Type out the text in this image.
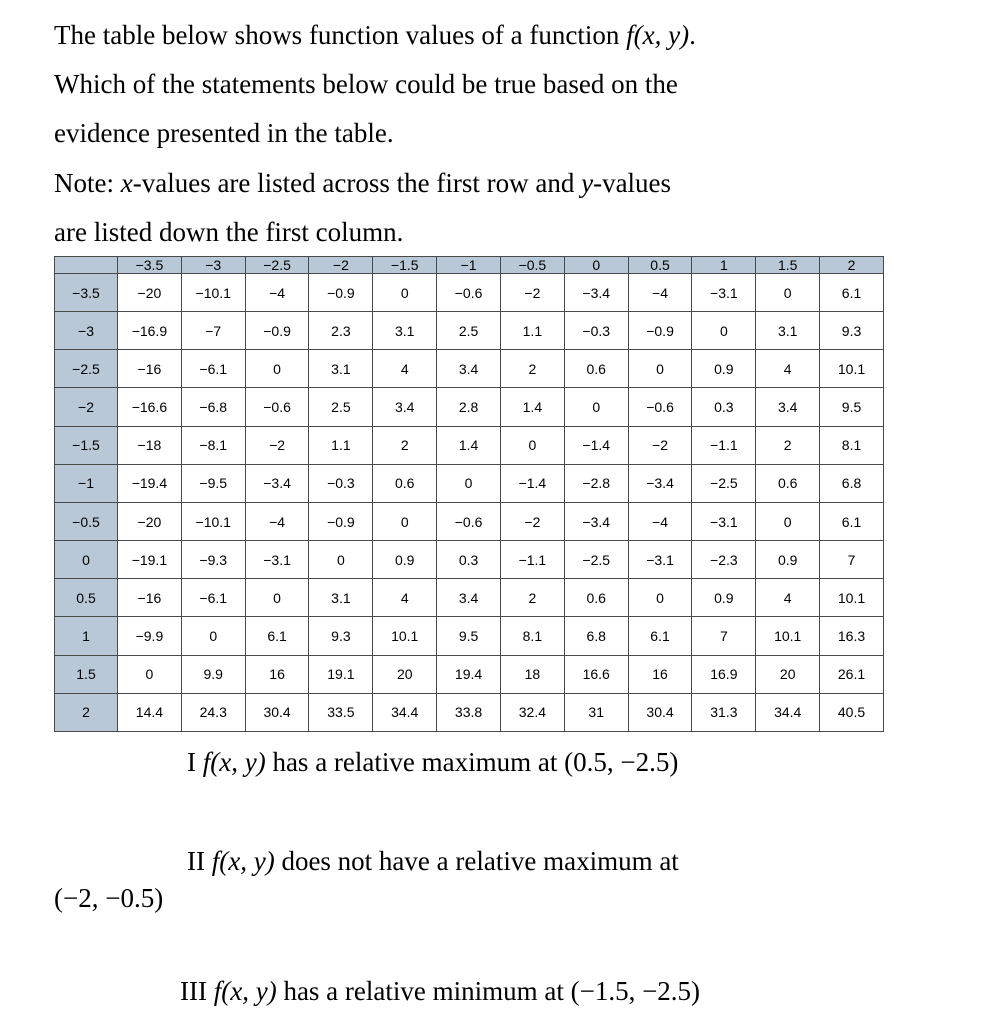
The table below shows function values of a function f(x, y).

Which of the statements below could be true based on the

evidence presented in the table.

Note: x-values are listed across the first row and y-values

are listed down the first column.

	−3.5	−3	−2.5	−2	−1.5	−1	−0.5	0	0.5	1	1.5	2
−3.5	−20	−10.1	−4	−0.9	0	−0.6	−2	−3.4	−4	−3.1	0	6.1
−3	−16.9	−7	−0.9	2.3	3.1	2.5	1.1	−0.3	−0.9	0	3.1	9.3
−2.5	−16	−6.1	0	3.1	4	3.4	2	0.6	0	0.9	4	10.1
−2	−16.6	−6.8	−0.6	2.5	3.4	2.8	1.4	0	−0.6	0.3	3.4	9.5
−1.5	−18	−8.1	−2	1.1	2	1.4	0	−1.4	−2	−1.1	2	8.1
−1	−19.4	−9.5	−3.4	−0.3	0.6	0	−1.4	−2.8	−3.4	−2.5	0.6	6.8
−0.5	−20	−10.1	−4	−0.9	0	−0.6	−2	−3.4	−4	−3.1	0	6.1
0	−19.1	−9.3	−3.1	0	0.9	0.3	−1.1	−2.5	−3.1	−2.3	0.9	7
0.5	−16	−6.1	0	3.1	4	3.4	2	0.6	0	0.9	4	10.1
1	−9.9	0	6.1	9.3	10.1	9.5	8.1	6.8	6.1	7	10.1	16.3
1.5	0	9.9	16	19.1	20	19.4	18	16.6	16	16.9	20	26.1
2	14.4	24.3	30.4	33.5	34.4	33.8	32.4	31	30.4	31.3	34.4	40.5

I f(x, y) has a relative maximum at (0.5, −2.5)

II f(x, y) does not have a relative maximum at

(−2, −0.5)

III f(x, y) has a relative minimum at (−1.5, −2.5)
